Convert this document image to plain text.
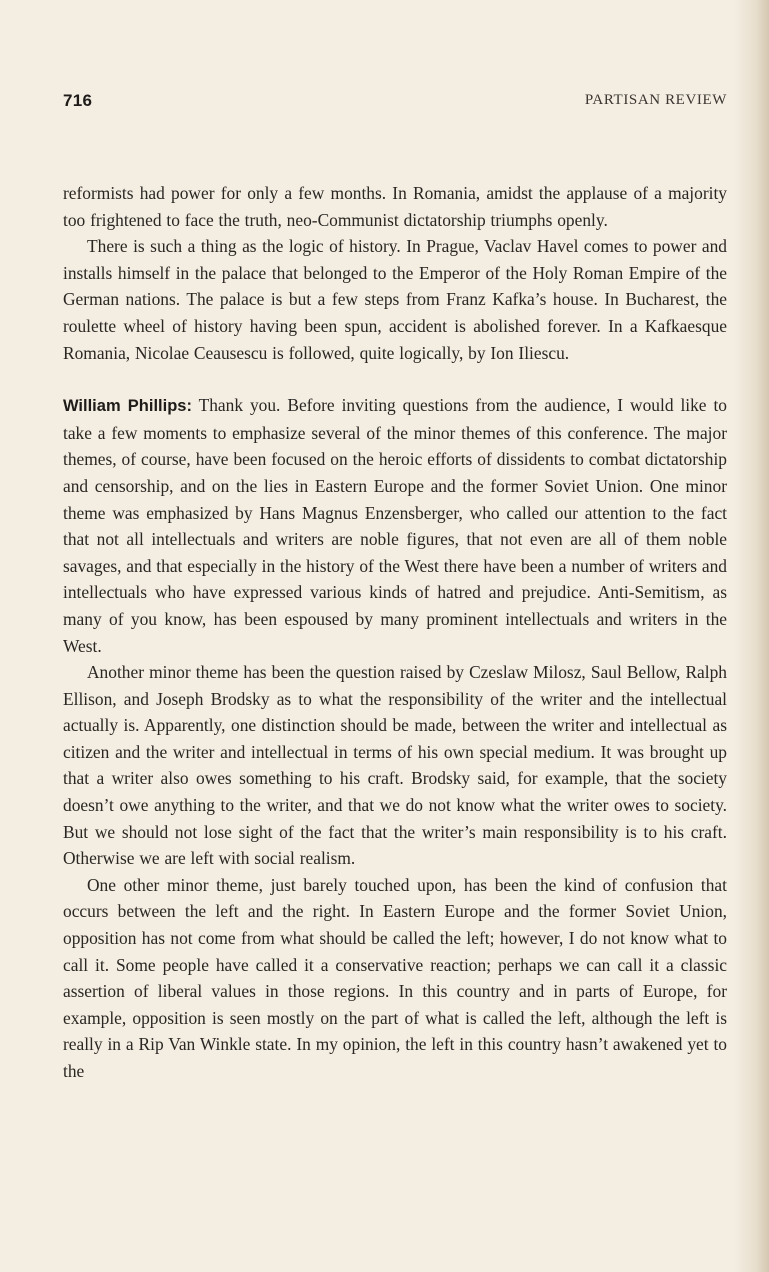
716	PARTISAN REVIEW

reformists had power for only a few months. In Romania, amidst the applause of a majority too frightened to face the truth, neo-Communist dictatorship triumphs openly.

There is such a thing as the logic of history. In Prague, Vaclav Havel comes to power and installs himself in the palace that belonged to the Emperor of the Holy Roman Empire of the German nations. The palace is but a few steps from Franz Kafka’s house. In Bucharest, the roulette wheel of history having been spun, accident is abolished forever. In a Kafkaesque Romania, Nicolae Ceausescu is followed, quite logically, by Ion Iliescu.

William Phillips: Thank you. Before inviting questions from the audience, I would like to take a few moments to emphasize several of the minor themes of this conference. The major themes, of course, have been focused on the heroic efforts of dissidents to combat dictatorship and censorship, and on the lies in Eastern Europe and the former Soviet Union. One minor theme was emphasized by Hans Magnus Enzensberger, who called our attention to the fact that not all intellectuals and writers are noble figures, that not even are all of them noble savages, and that especially in the history of the West there have been a number of writers and intellectuals who have expressed various kinds of hatred and prejudice. Anti-Semitism, as many of you know, has been espoused by many prominent intellectuals and writers in the West.

Another minor theme has been the question raised by Czeslaw Milosz, Saul Bellow, Ralph Ellison, and Joseph Brodsky as to what the responsibility of the writer and the intellectual actually is. Apparently, one distinction should be made, between the writer and intellectual as citizen and the writer and intellectual in terms of his own special medium. It was brought up that a writer also owes something to his craft. Brodsky said, for example, that the society doesn’t owe anything to the writer, and that we do not know what the writer owes to society. But we should not lose sight of the fact that the writer’s main responsibility is to his craft. Otherwise we are left with social realism.

One other minor theme, just barely touched upon, has been the kind of confusion that occurs between the left and the right. In Eastern Europe and the former Soviet Union, opposition has not come from what should be called the left; however, I do not know what to call it. Some people have called it a conservative reaction; perhaps we can call it a classic assertion of liberal values in those regions. In this country and in parts of Europe, for example, opposition is seen mostly on the part of what is called the left, although the left is really in a Rip Van Winkle state. In my opinion, the left in this country hasn’t awakened yet to the
